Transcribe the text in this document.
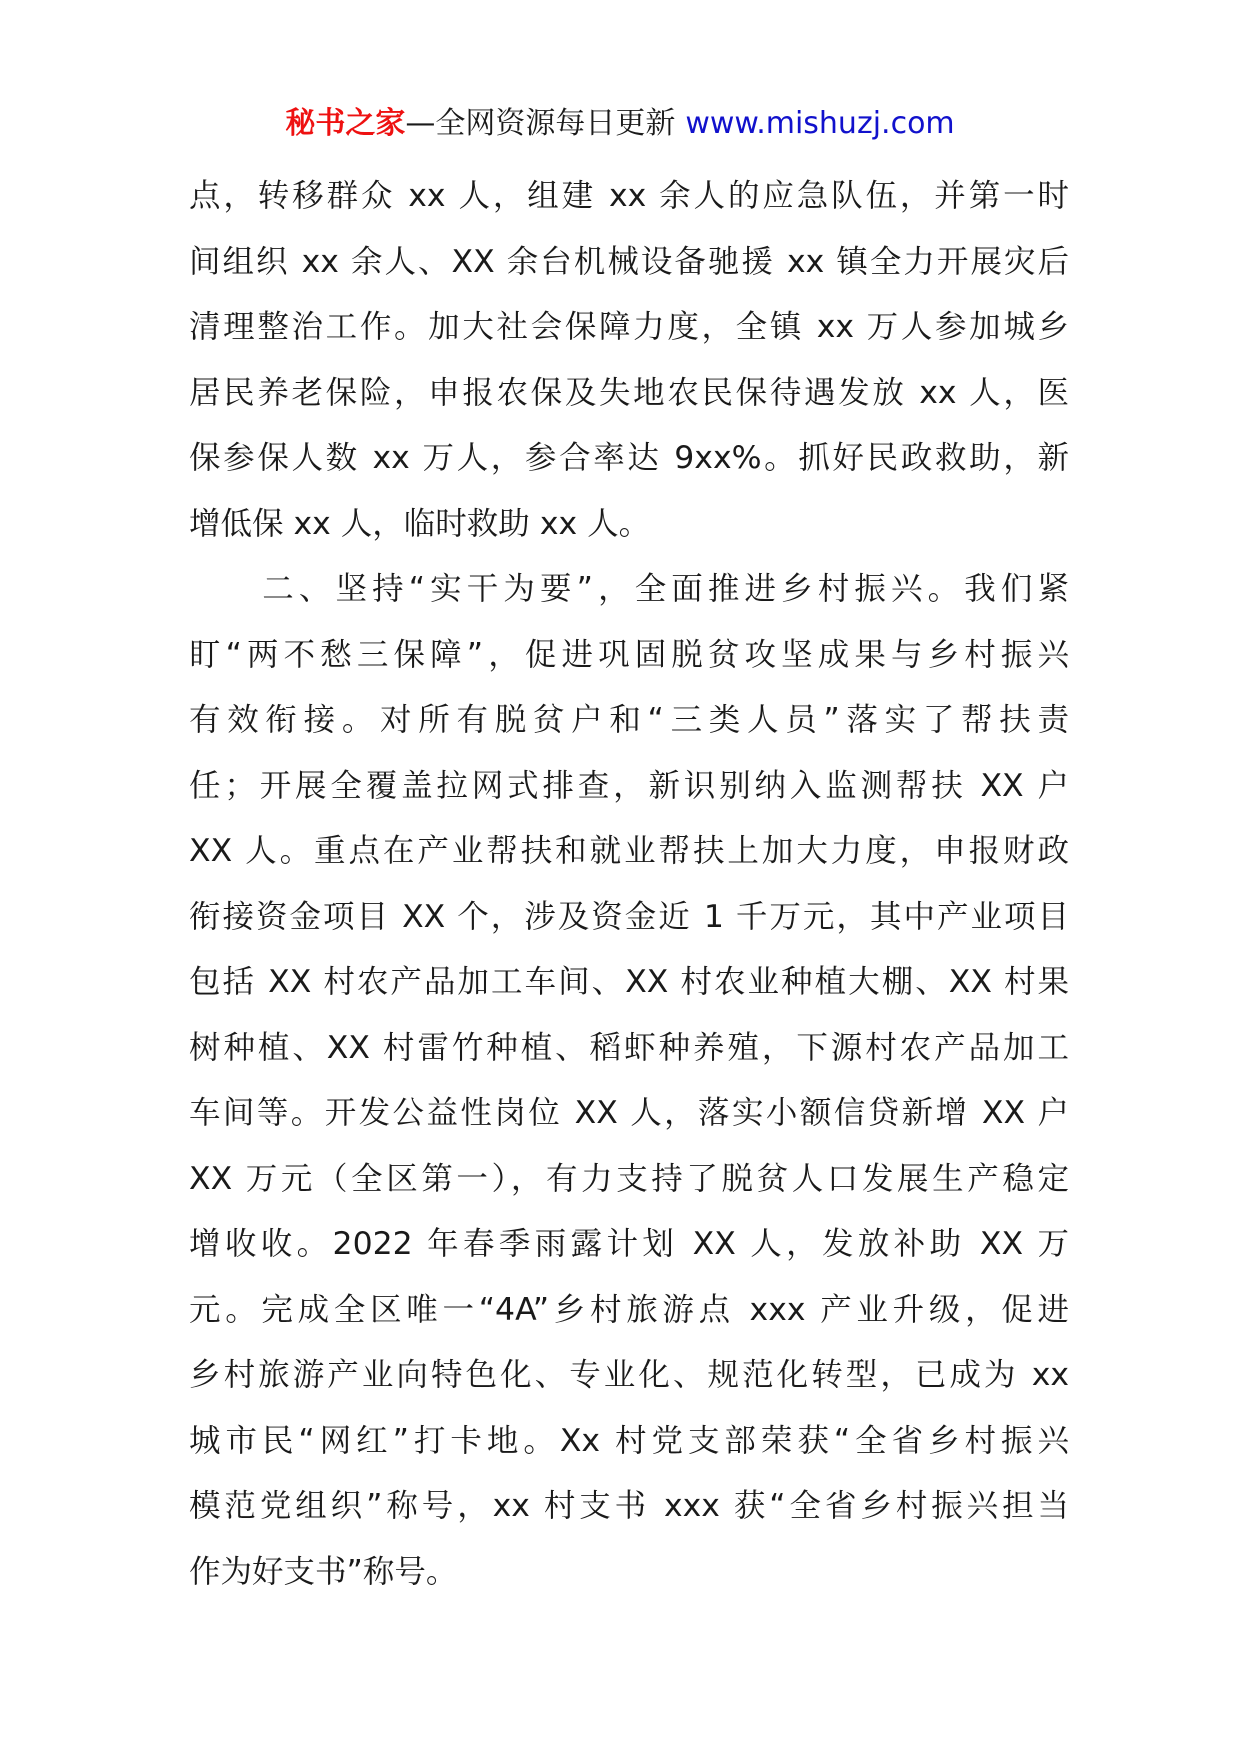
秘书之家—全网资源每日更新 www.mishuzj.com
点，转移群众 xx 人，组建 xx 余人的应急队伍，并第一时
间组织 xx 余人、XX 余台机械设备驰援 xx 镇全力开展灾后
清理整治工作。加大社会保障力度，全镇 xx 万人参加城乡
居民养老保险，申报农保及失地农民保待遇发放 xx 人，医
保参保人数 xx 万人，参合率达 9xx%。抓好民政救助，新
增低保 xx 人，临时救助 xx 人。
　　二、坚持“实干为要”，全面推进乡村振兴。我们紧
盯“两不愁三保障”，促进巩固脱贫攻坚成果与乡村振兴
有效衔接。对所有脱贫户和“三类人员”落实了帮扶责
任；开展全覆盖拉网式排查，新识别纳入监测帮扶 XX 户
XX 人。重点在产业帮扶和就业帮扶上加大力度，申报财政
衔接资金项目 XX 个，涉及资金近 1 千万元，其中产业项目
包括 XX 村农产品加工车间、XX 村农业种植大棚、XX 村果
树种植、XX 村雷竹种植、稻虾种养殖，下源村农产品加工
车间等。开发公益性岗位 XX 人，落实小额信贷新增 XX 户
XX 万元（全区第一），有力支持了脱贫人口发展生产稳定
增收收。2022 年春季雨露计划 XX 人，发放补助 XX 万
元。完成全区唯一“4A”乡村旅游点 xxx 产业升级，促进
乡村旅游产业向特色化、专业化、规范化转型，已成为 xx
城市民“网红”打卡地。Xx 村党支部荣获“全省乡村振兴
模范党组织”称号，xx 村支书 xxx 获“全省乡村振兴担当
作为好支书”称号。
